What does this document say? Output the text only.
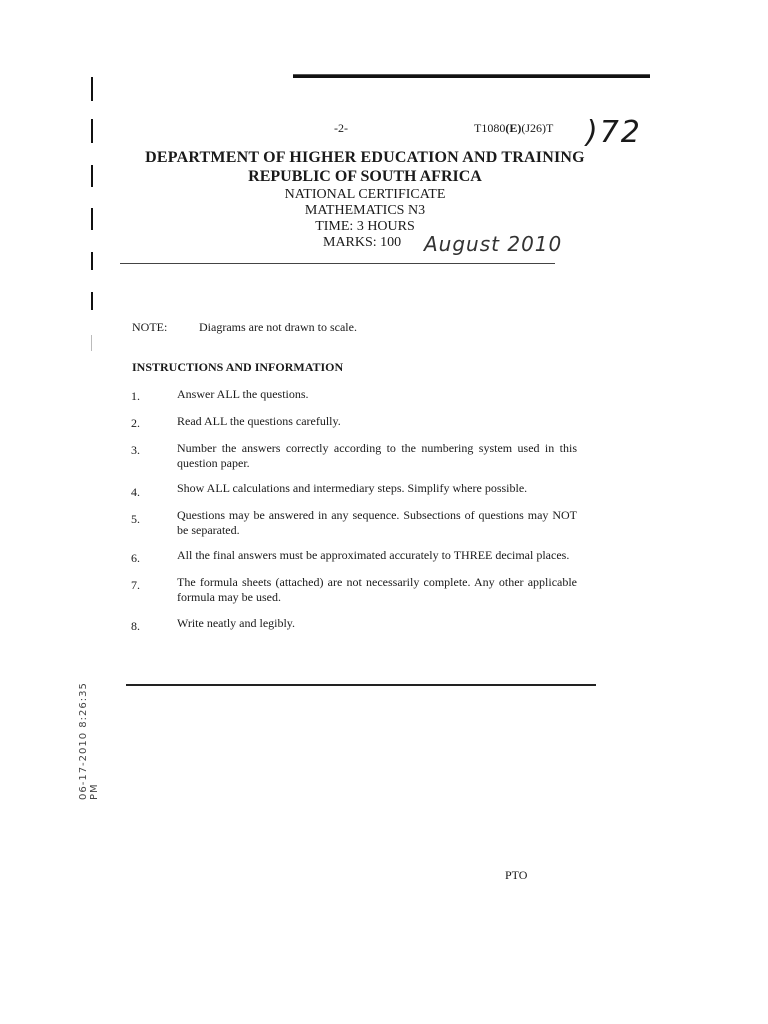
-2-	T1080(E)(J26)T )72
DEPARTMENT OF HIGHER EDUCATION AND TRAINING
REPUBLIC OF SOUTH AFRICA
NATIONAL CERTIFICATE
MATHEMATICS N3
TIME: 3 HOURS
MARKS: 100 August 2010
NOTE:	Diagrams are not drawn to scale.
INSTRUCTIONS AND INFORMATION
1.	Answer ALL the questions.
2.	Read ALL the questions carefully.
3.	Number the answers correctly according to the numbering system used in this question paper.
4.	Show ALL calculations and intermediary steps. Simplify where possible.
5.	Questions may be answered in any sequence. Subsections of questions may NOT be separated.
6.	All the final answers must be approximated accurately to THREE decimal places.
7.	The formula sheets (attached) are not necessarily complete. Any other applicable formula may be used.
8.	Write neatly and legibly.
06-17-2010 8:26:35 PM
PTO
